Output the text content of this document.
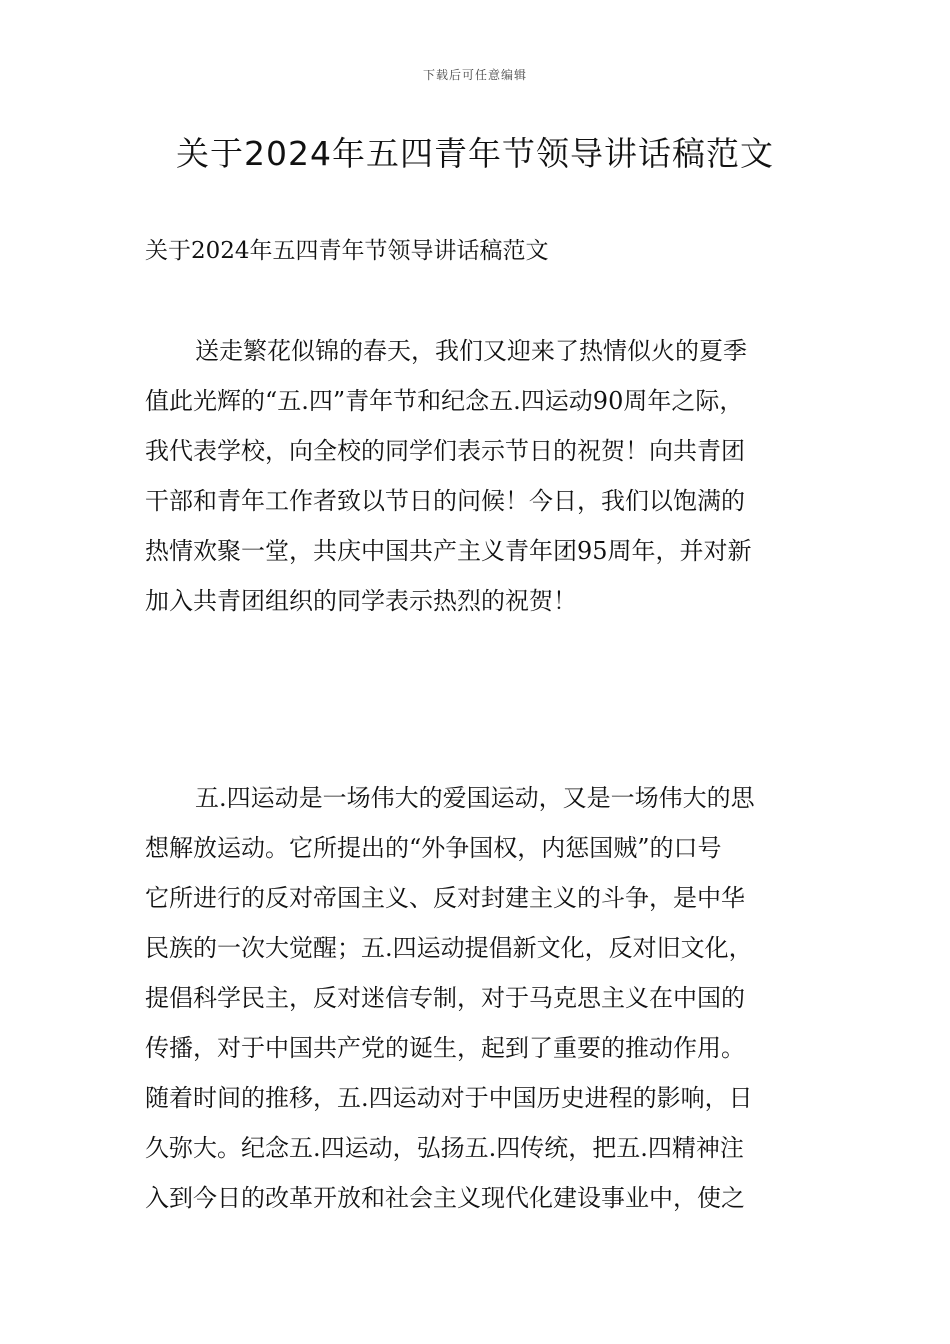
下载后可任意编辑
关于2024年五四青年节领导讲话稿范文
关于2024年五四青年节领导讲话稿范文
送走繁花似锦的春天，我们又迎来了热情似火的夏季
值此光辉的“五.四”青年节和纪念五.四运动90周年之际，
我代表学校，向全校的同学们表示节日的祝贺！向共青团
干部和青年工作者致以节日的问候！今日，我们以饱满的
热情欢聚一堂，共庆中国共产主义青年团95周年，并对新
加入共青团组织的同学表示热烈的祝贺！
五.四运动是一场伟大的爱国运动，又是一场伟大的思
想解放运动。它所提出的“外争国权，内惩国贼”的口号
它所进行的反对帝国主义、反对封建主义的斗争，是中华
民族的一次大觉醒；五.四运动提倡新文化，反对旧文化，
提倡科学民主，反对迷信专制，对于马克思主义在中国的
传播，对于中国共产党的诞生，起到了重要的推动作用。
随着时间的推移，五.四运动对于中国历史进程的影响，日
久弥大。纪念五.四运动，弘扬五.四传统，把五.四精神注
入到今日的改革开放和社会主义现代化建设事业中，使之
